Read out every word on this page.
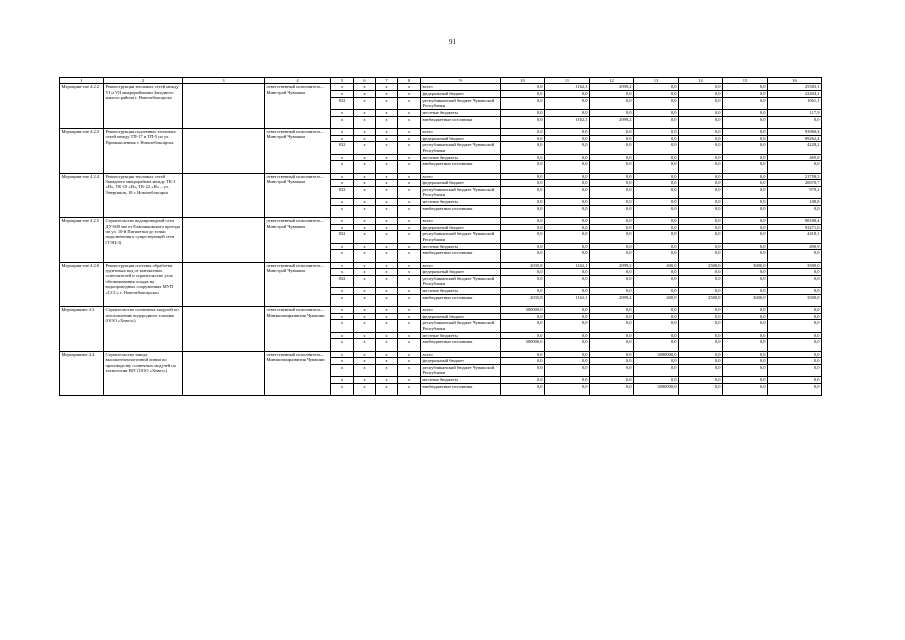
91
1	2	3	4	5	6	7	8	9	10	11	12	13	14	15	16
Мероприя-тие 4.2.2	Реконструкция тепловых сетей между VI и VII микрорайонами Западного жилого района г. Новочебоксарска		ответственный исполнитель – Минстрой Чувашии	x	x	x	x	всего	0,0	1162,1	2999,2	0,0	0,0	0,0	25583,1
				x	x	x	x	федеральный бюджет	0,0	0,0	0,0	0,0	0,0	0,0	22404,1
				832	x	x	x	республиканский бюджет Чувашской Республики	0,0	0,0	0,0	0,0	0,0	0,0	1061,1
				x	x	x	x	местные бюджеты	0,0	0,0	0,0	0,0	0,0	0,0	117,9
				x	x	x	x	внебюджетные источники	0,0	1162,1	2999,2	0,0	0,0	0,0	0,0
Мероприя-тие 4.2.3	Реконструкция подземных тепловых сетей между ТП-17 и ТП-5 по ул. Промышленная г. Новочебоксарска		ответственный исполнитель – Минстрой Чувашии	x	x	x	x	всего	0,0	0,0	0,0	0,0	0,0	0,0	93960,4
				x	x	x	x	федеральный бюджет	0,0	0,0	0,0	0,0	0,0	0,0	89262,4
				832	x	x	x	республиканский бюджет Чувашской Республики	0,0	0,0	0,0	0,0	0,0	0,0	4228,2
				x	x	x	x	местные бюджеты	0,0	0,0	0,0	0,0	0,0	0,0	469,8
				x	x	x	x	внебюджетные источники	0,0	0,0	0,0	0,0	0,0	0,0	0,0
Мероприя-тие 4.2.4	Реконструкция тепловых сетей Западного микрорайона между ТК-1 «Н», ТК-19 «Н», ТК-22 «Н» – ул. Энергиков, 18 г. Новочебоксарск		ответственный исполнитель – Минстрой Чувашии	x	x	x	x	всего	0,0	0,0	0,0	0,0	0,0	0,0	21758,5
				x	x	x	x	федеральный бюджет	0,0	0,0	0,0	0,0	0,0	0,0	20670,7
				832	x	x	x	республиканский бюджет Чувашской Республики	0,0	0,0	0,0	0,0	0,0	0,0	979,2
				x	x	x	x	местные бюджеты	0,0	0,0	0,0	0,0	0,0	0,0	108,8
				x	x	x	x	внебюджетные источники	0,0	0,0	0,0	0,0	0,0	0,0	0,0
Мероприя-тие 4.2.5	Строительство водопроводной сети ДУ-600 мм от Еланчиковского проезда по ул. 10-й Пятилетки до точки подключения к существующей сети (ТЭЦ-3)		ответственный исполнитель – Минстрой Чувашии	x	x	x	x	всего	0,0	0,0	0,0	0,0	0,0	0,0	98188,4
				x	x	x	x	федеральный бюджет	0,0	0,0	0,0	0,0	0,0	0,0	93271,6
				832	x	x	x	республиканский бюджет Чувашской Республики	0,0	0,0	0,0	0,0	0,0	0,0	4418,1
				x	x	x	x	местные бюджеты	0,0	0,0	0,0	0,0	0,0	0,0	490,9
				x	x	x	x	внебюджетные источники	0,0	0,0	0,0	0,0	0,0	0,0	0,0
Мероприя-тие 4.2.6	Реконструкция системы обработки грунтовых вод от контактных осветлителей и строительство узла обезвоживания осадка на водопроводных сооружениях МУП «ССС» г. Новочебоксарска»		ответственный исполнитель – Минстрой Чувашии	x	x	x	x	всего	2035,8	1162,1	2999,2	400,0	2500,0	3000,0	3500,0
				x	x	x	x	федеральный бюджет	0,0	0,0	0,0	0,0	0,0	0,0	0,0
				832	x	x	x	республиканский бюджет Чувашской Республики	0,0	0,0	0,0	0,0	0,0	0,0	0,0
				x	x	x	x	местные бюджеты	0,0	0,0	0,0	0,0	0,0	0,0	0,0
				x	x	x	x	внебюджетные источники	2035,8	1162,1	2999,2	400,0	2500,0	3000,0	3500,0
Мероприятие 4.3	Строительство солнечных модулей по изготовлению водородного топлива (ООО «Хевел»)		ответственный исполнитель – Минэкономразвития Чувашии	x	x	x	x	всего	300000,0	0,0	0,0	0,0	0,0	0,0	0,0
				x	x	x	x	федеральный бюджет	0,0	0,0	0,0	0,0	0,0	0,0	0,0
				x	x	x	x	республиканский бюджет Чувашской Республики	0,0	0,0	0,0	0,0	0,0	0,0	0,0
				x	x	x	x	местные бюджеты	0,0	0,0	0,0	0,0	0,0	0,0	0,0
				x	x	x	x	внебюджетные источники	300000,0	0,0	0,0	0,0	0,0	0,0	0,0
Мероприятие 4.4	Строительство завода высокотехнологичной линии по производству солнечных модулей по технологии HJT (ООО «Хевел»)		ответственный исполнитель – Минэкономразвития Чувашии	x	x	x	x	всего	0,0	0,0	0,0	3000000,0	0,0	0,0	0,0
				x	x	x	x	федеральный бюджет	0,0	0,0	0,0	0,0	0,0	0,0	0,0
				x	x	x	x	республиканский бюджет Чувашской Республики	0,0	0,0	0,0	0,0	0,0	0,0	0,0
				x	x	x	x	местные бюджеты	0,0	0,0	0,0	0,0	0,0	0,0	0,0
				x	x	x	x	внебюджетные источники	0,0	0,0	0,0	3000000,0	0,0	0,0	0,0
